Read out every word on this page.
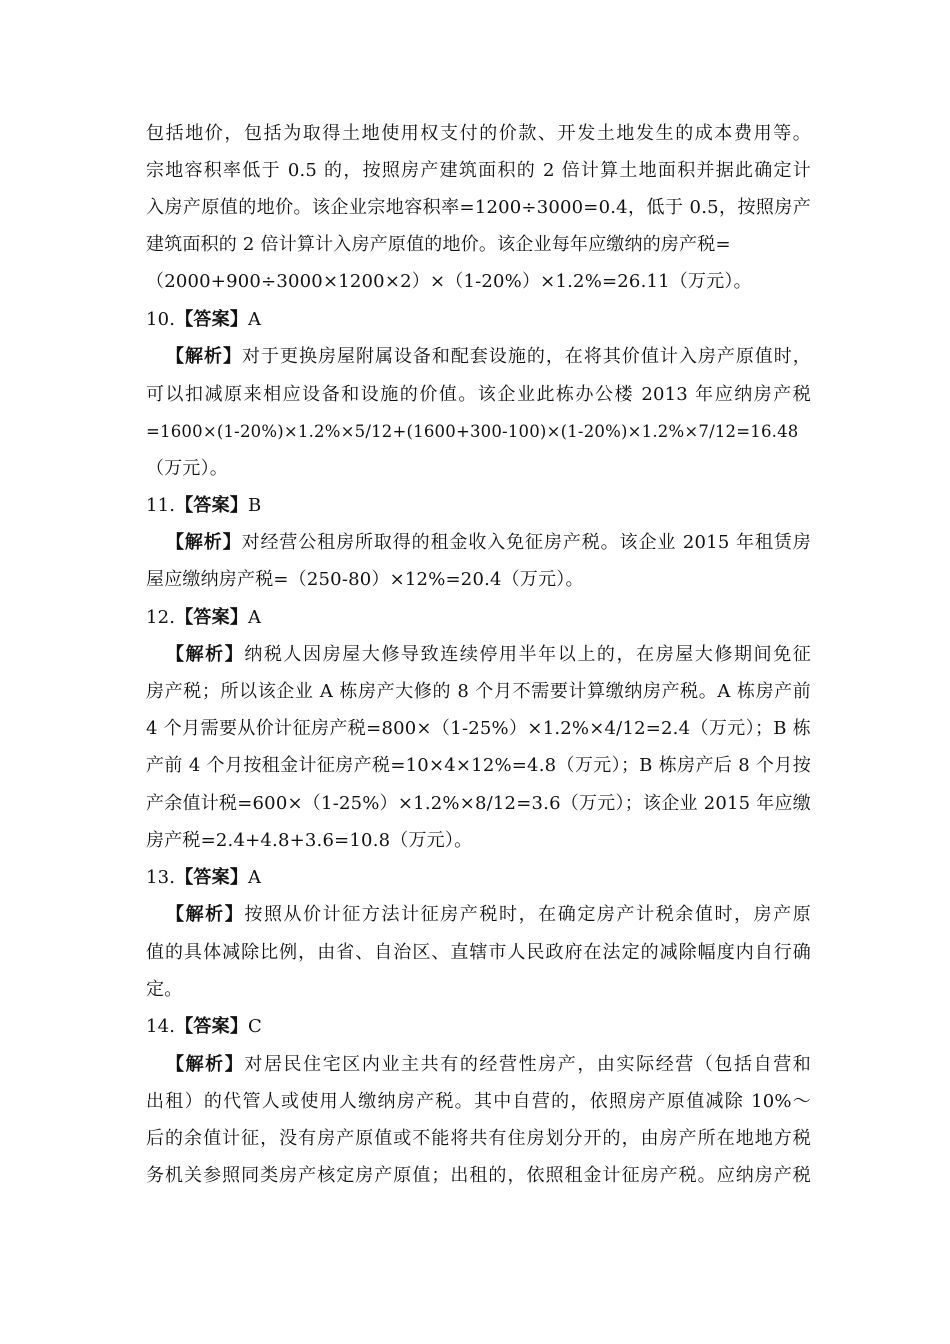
包括地价，包括为取得土地使用权支付的价款、开发土地发生的成本费用等。
宗地容积率低于 0.5 的，按照房产建筑面积的 2 倍计算土地面积并据此确定计
入房产原值的地价。该企业宗地容积率=1200÷3000=0.4，低于 0.5，按照房产
建筑面积的 2 倍计算计入房产原值的地价。该企业每年应缴纳的房产税=
（2000+900÷3000×1200×2）×（1-20%）×1.2%=26.11（万元）。
10.【答案】A
【解析】对于更换房屋附属设备和配套设施的，在将其价值计入房产原值时，
可以扣减原来相应设备和设施的价值。该企业此栋办公楼 2013 年应纳房产税
=1600×(1-20%)×1.2%×5/12+(1600+300-100)×(1-20%)×1.2%×7/12=16.48
（万元）。
11.【答案】B
【解析】对经营公租房所取得的租金收入免征房产税。该企业 2015 年租赁房
屋应缴纳房产税=（250-80）×12%=20.4（万元）。
12.【答案】A
【解析】纳税人因房屋大修导致连续停用半年以上的，在房屋大修期间免征
房产税；所以该企业 A 栋房产大修的 8 个月不需要计算缴纳房产税。A 栋房产前
4 个月需要从价计征房产税=800×（1-25%）×1.2%×4/12=2.4（万元）；B 栋
产前 4 个月按租金计征房产税=10×4×12%=4.8（万元）；B 栋房产后 8 个月按
产余值计税=600×（1-25%）×1.2%×8/12=3.6（万元）；该企业 2015 年应缴
房产税=2.4+4.8+3.6=10.8（万元）。
13.【答案】A
【解析】按照从价计征方法计征房产税时，在确定房产计税余值时，房产原
值的具体减除比例，由省、自治区、直辖市人民政府在法定的减除幅度内自行确
定。
14.【答案】C
【解析】对居民住宅区内业主共有的经营性房产，由实际经营（包括自营和
出租）的代管人或使用人缴纳房产税。其中自营的，依照房产原值减除 10%～
后的余值计征，没有房产原值或不能将共有住房划分开的，由房产所在地地方税
务机关参照同类房产核定房产原值；出租的，依照租金计征房产税。应纳房产税
